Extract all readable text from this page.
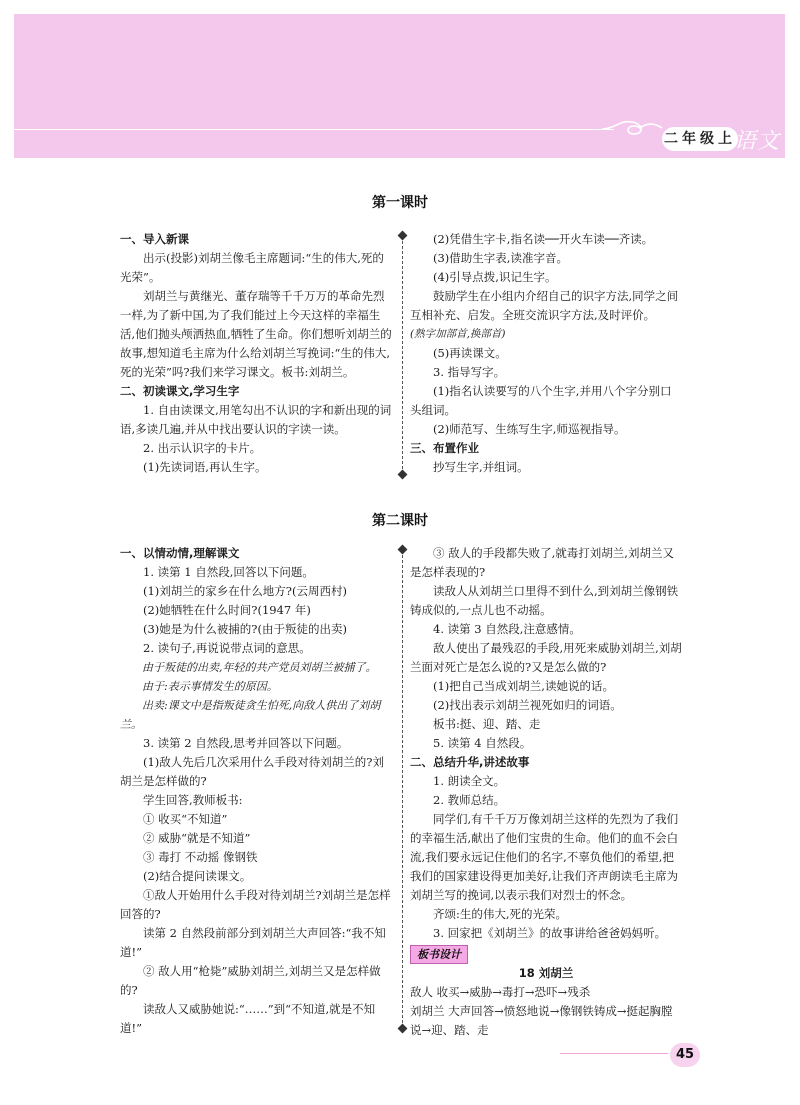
二年级上
语文
第一课时

一、导入新课

出示(投影)刘胡兰像毛主席题词:“生的伟大,死的光荣”。

刘胡兰与黄继光、董存瑞等千千万万的革命先烈一样,为了新中国,为了我们能过上今天这样的幸福生活,他们抛头颅洒热血,牺牲了生命。你们想听刘胡兰的故事,想知道毛主席为什么给刘胡兰写挽词:“生的伟大,死的光荣”吗?我们来学习课文。板书:刘胡兰。

二、初读课文,学习生字

1. 自由读课文,用笔勾出不认识的字和新出现的词语,多读几遍,并从中找出要认识的字读一读。

2. 出示认识字的卡片。

(1)先读词语,再认生字。

(2)凭借生字卡,指名读──开火车读──齐读。

(3)借助生字表,读准字音。

(4)引导点拨,识记生字。

鼓励学生在小组内介绍自己的识字方法,同学之间互相补充、启发。全班交流识字方法,及时评价。

(熟字加部首,换部首)

(5)再读课文。

3. 指导写字。

(1)指名认读要写的八个生字,并用八个字分别口头组词。

(2)师范写、生练写生字,师巡视指导。

三、布置作业

抄写生字,并组词。

第二课时

一、以情动情,理解课文

1. 读第 1 自然段,回答以下问题。

(1)刘胡兰的家乡在什么地方?(云周西村)

(2)她牺牲在什么时间?(1947 年)

(3)她是为什么被捕的?(由于叛徒的出卖)

2. 读句子,再说说带点词的意思。

由于叛徒的出卖,年轻的共产党员刘胡兰被捕了。

由于:表示事情发生的原因。

出卖:课文中是指叛徒贪生怕死,向敌人供出了刘胡兰。

3. 读第 2 自然段,思考并回答以下问题。

(1)敌人先后几次采用什么手段对待刘胡兰的?刘胡兰是怎样做的?

学生回答,教师板书:

① 收买“不知道”

② 威胁“就是不知道”

③ 毒打 不动摇 像钢铁

(2)结合提问读课文。

①敌人开始用什么手段对待刘胡兰?刘胡兰是怎样回答的?

读第 2 自然段前部分到刘胡兰大声回答:“我不知道!”

② 敌人用“枪毙”威胁刘胡兰,刘胡兰又是怎样做的?

读敌人又威胁她说:“……”到“不知道,就是不知道!”

③ 敌人的手段都失败了,就毒打刘胡兰,刘胡兰又是怎样表现的?

读敌人从刘胡兰口里得不到什么,到刘胡兰像钢铁铸成似的,一点儿也不动摇。

4. 读第 3 自然段,注意感情。

敌人使出了最残忍的手段,用死来威胁刘胡兰,刘胡兰面对死亡是怎么说的?又是怎么做的?

(1)把自己当成刘胡兰,读她说的话。

(2)找出表示刘胡兰视死如归的词语。

板书:挺、迎、踏、走

5. 读第 4 自然段。

二、总结升华,讲述故事

1. 朗读全文。

2. 教师总结。

同学们,有千千万万像刘胡兰这样的先烈为了我们的幸福生活,献出了他们宝贵的生命。他们的血不会白流,我们要永远记住他们的名字,不辜负他们的希望,把我们的国家建设得更加美好,让我们齐声朗读毛主席为刘胡兰写的挽词,以表示我们对烈士的怀念。

齐颂:生的伟大,死的光荣。

3. 回家把《刘胡兰》的故事讲给爸爸妈妈听。

板书设计

18 刘胡兰

敌人 收买→威胁→毒打→恐吓→残杀

刘胡兰 大声回答→愤怒地说→像钢铁铸成→挺起胸膛说→迎、踏、走

45
